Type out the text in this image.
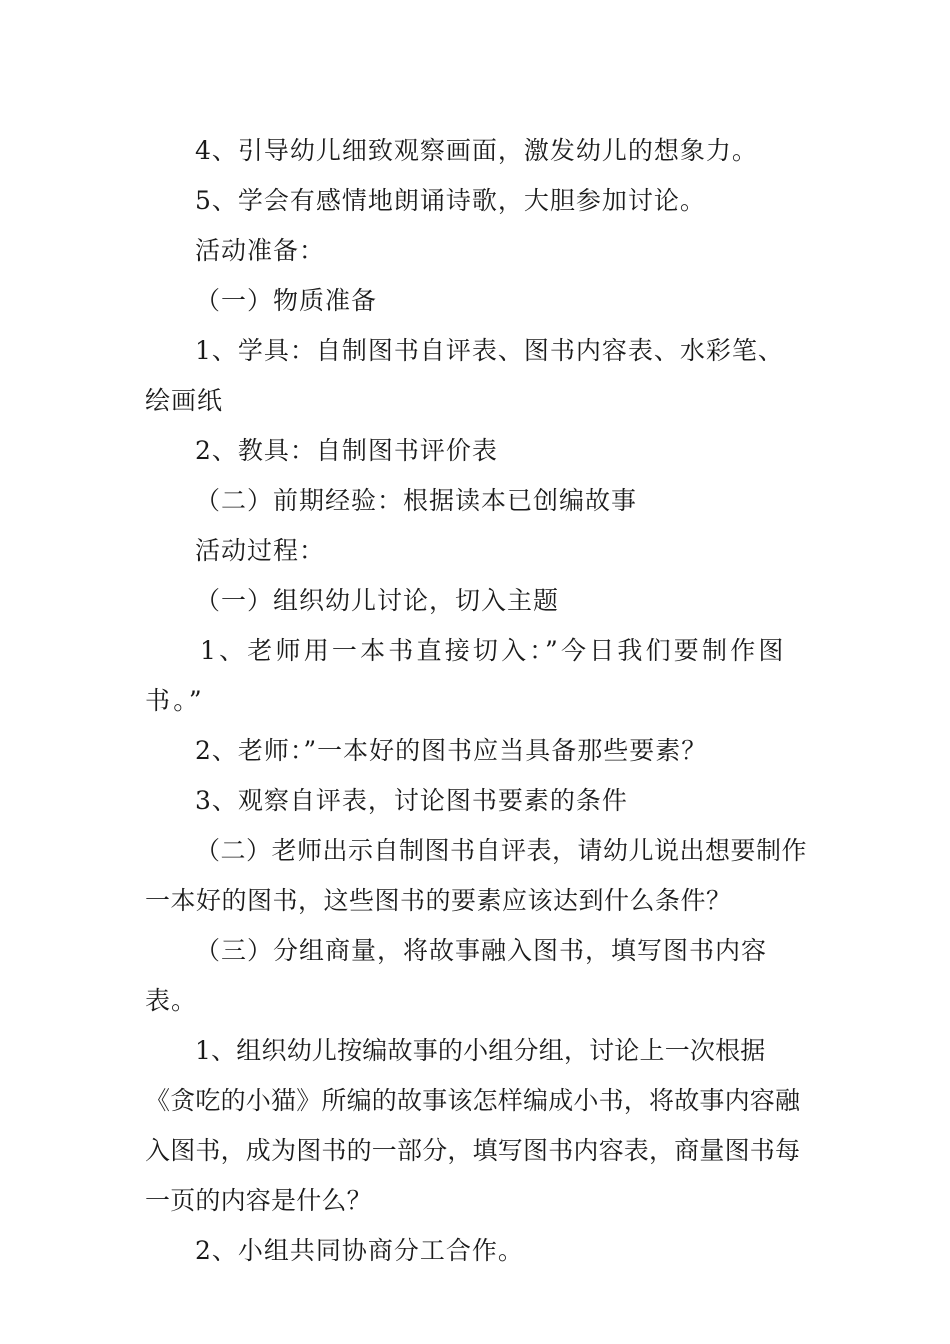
4、引导幼儿细致观察画面，激发幼儿的想象力。

5、学会有感情地朗诵诗歌，大胆参加讨论。

活动准备：

（一）物质准备

1、学具：自制图书自评表、图书内容表、水彩笔、绘画纸

2、教具：自制图书评价表

（二）前期经验：根据读本已创编故事

活动过程：

（一）组织幼儿讨论，切入主题

1、老师用一本书直接切入：”今日我们要制作图书。”

2、老师：”一本好的图书应当具备那些要素？

3、观察自评表，讨论图书要素的条件

（二）老师出示自制图书自评表，请幼儿说出想要制作一本好的图书，这些图书的要素应该达到什么条件？

（三）分组商量，将故事融入图书，填写图书内容表。

1、组织幼儿按编故事的小组分组，讨论上一次根据《贪吃的小猫》所编的故事该怎样编成小书，将故事内容融入图书，成为图书的一部分，填写图书内容表，商量图书每一页的内容是什么？

2、小组共同协商分工合作。
